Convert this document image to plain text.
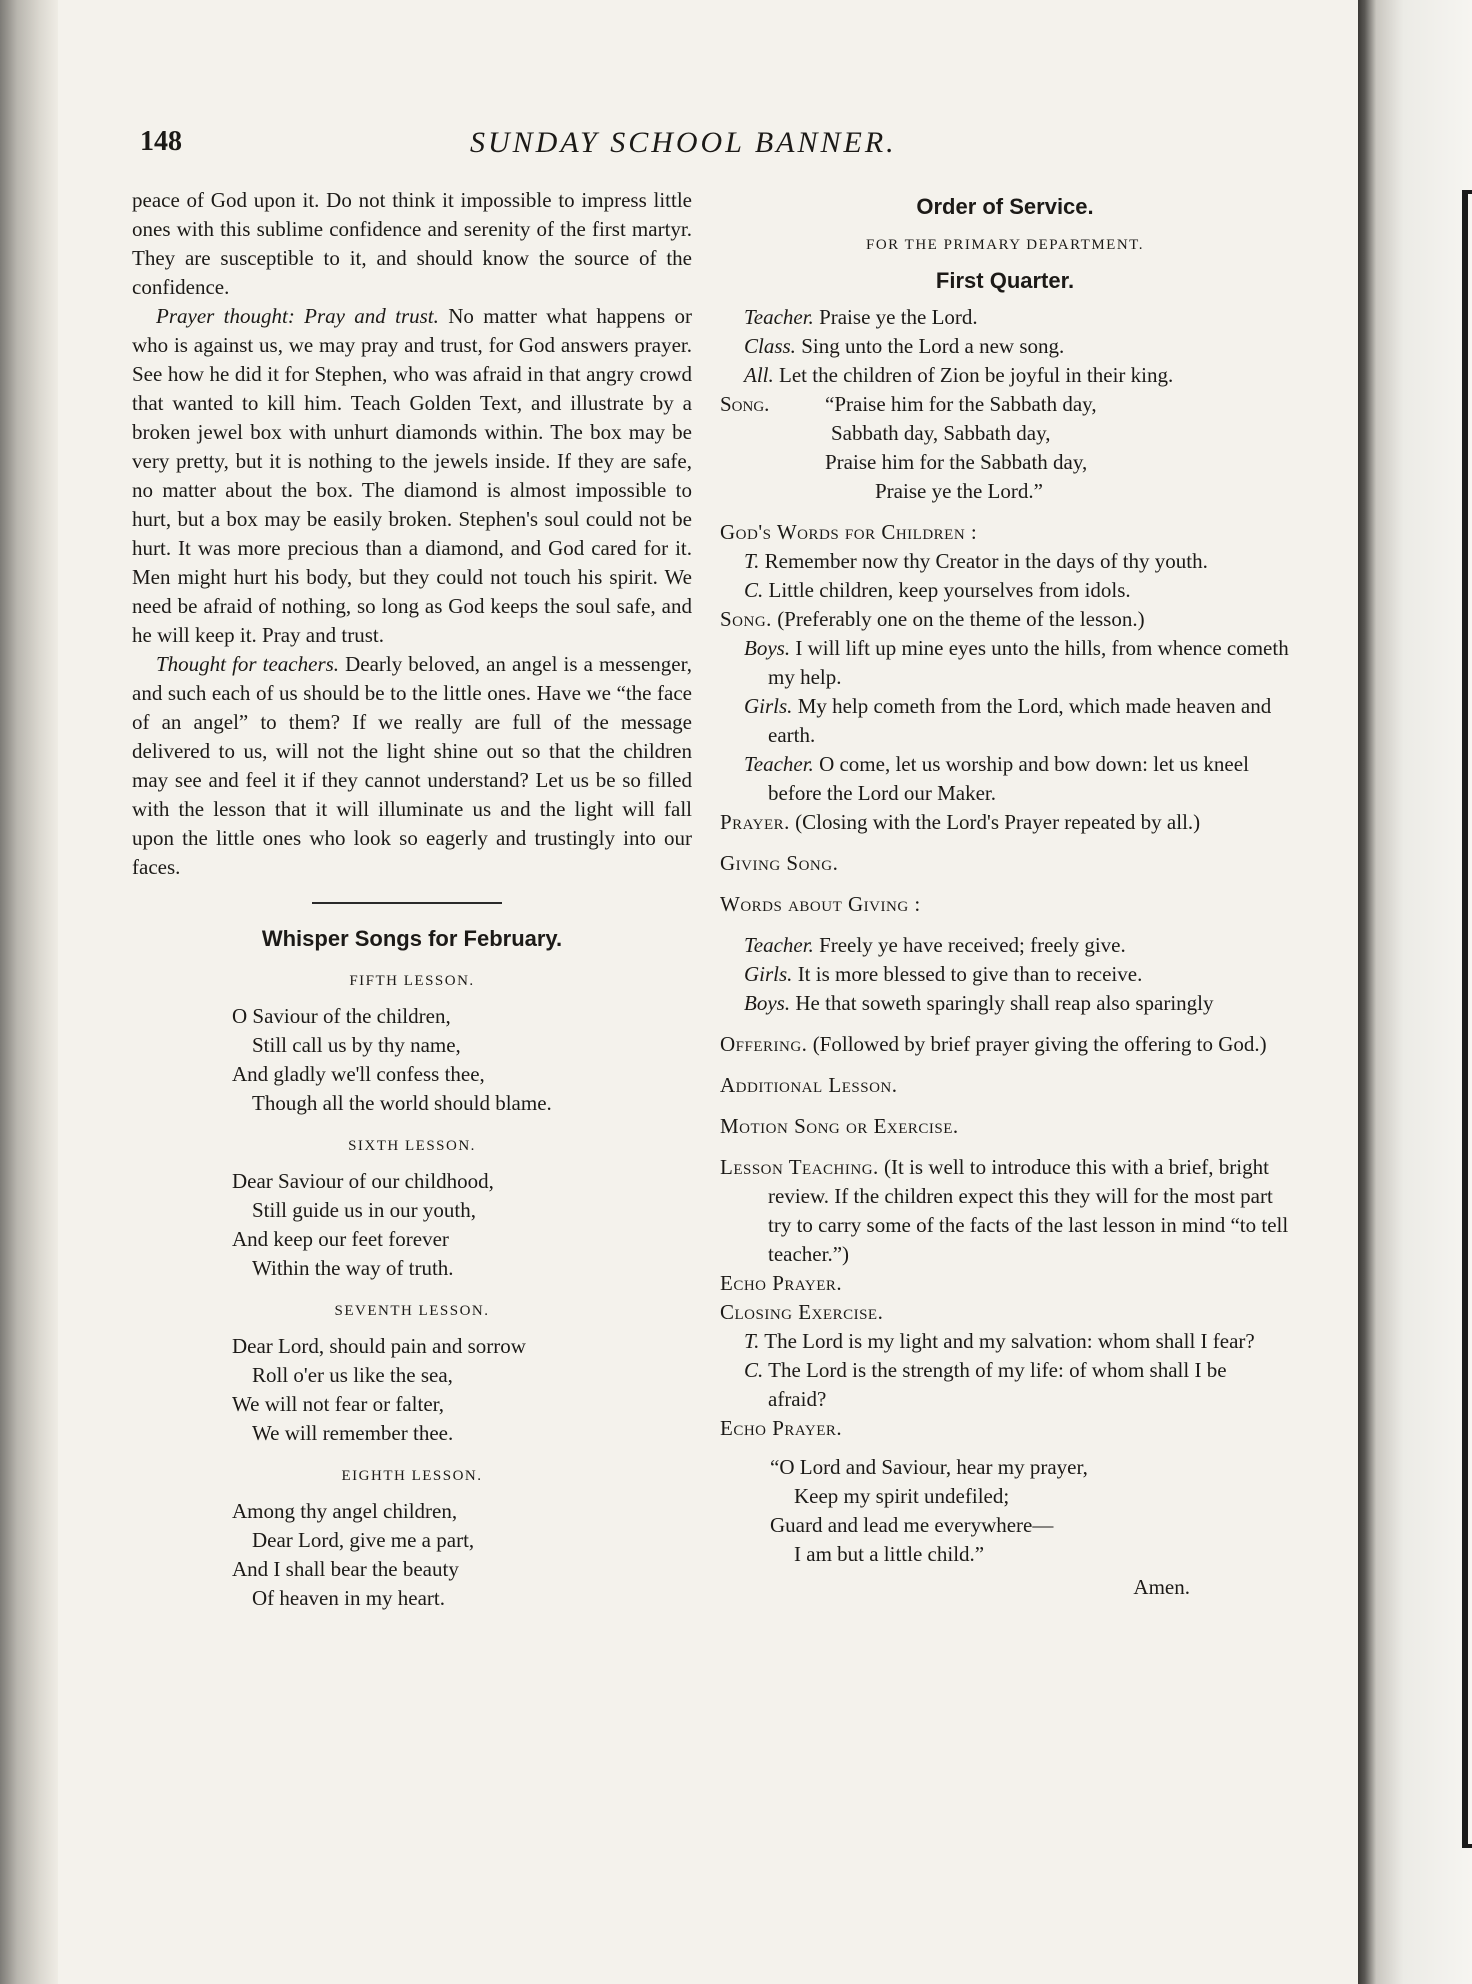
148	SUNDAY SCHOOL BANNER.

peace of God upon it. Do not think it impossible to impress little ones with this sublime confidence and serenity of the first martyr. They are susceptible to it, and should know the source of the confidence.

Prayer thought: Pray and trust. No matter what happens or who is against us, we may pray and trust, for God answers prayer. See how he did it for Stephen, who was afraid in that angry crowd that wanted to kill him. Teach Golden Text, and illustrate by a broken jewel box with unhurt diamonds within. The box may be very pretty, but it is nothing to the jewels inside. If they are safe, no matter about the box. The diamond is almost impossible to hurt, but a box may be easily broken. Stephen's soul could not be hurt. It was more precious than a diamond, and God cared for it. Men might hurt his body, but they could not touch his spirit. We need be afraid of nothing, so long as God keeps the soul safe, and he will keep it. Pray and trust.

Thought for teachers. Dearly beloved, an angel is a messenger, and such each of us should be to the little ones. Have we “the face of an angel” to them? If we really are full of the message delivered to us, will not the light shine out so that the children may see and feel it if they cannot understand? Let us be so filled with the lesson that it will illuminate us and the light will fall upon the little ones who look so eagerly and trustingly into our faces.

Whisper Songs for February.
FIFTH LESSON.
O Saviour of the children,
Still call us by thy name,
And gladly we'll confess thee,
Though all the world should blame.
SIXTH LESSON.
Dear Saviour of our childhood,
Still guide us in our youth,
And keep our feet forever
Within the way of truth.
SEVENTH LESSON.
Dear Lord, should pain and sorrow
Roll o'er us like the sea,
We will not fear or falter,
We will remember thee.
EIGHTH LESSON.
Among thy angel children,
Dear Lord, give me a part,
And I shall bear the beauty
Of heaven in my heart.
Order of Service.
FOR THE PRIMARY DEPARTMENT.
First Quarter.

Teacher. Praise ye the Lord.

Class. Sing unto the Lord a new song.

All. Let the children of Zion be joyful in their king.

Song.	“Praise him for the Sabbath day,
Sabbath day, Sabbath day,
Praise him for the Sabbath day,
Praise ye the Lord.”

God's Words for Children :

T. Remember now thy Creator in the days of thy youth.

C. Little children, keep yourselves from idols.

Song. (Preferably one on the theme of the lesson.)

Boys. I will lift up mine eyes unto the hills, from whence cometh my help.

Girls. My help cometh from the Lord, which made heaven and earth.

Teacher. O come, let us worship and bow down: let us kneel before the Lord our Maker.

Prayer. (Closing with the Lord's Prayer repeated by all.)

Giving Song.

Words about Giving :

Teacher. Freely ye have received; freely give.

Girls. It is more blessed to give than to receive.

Boys. He that soweth sparingly shall reap also sparingly

Offering. (Followed by brief prayer giving the offering to God.)

Additional Lesson.

Motion Song or Exercise.

Lesson Teaching. (It is well to introduce this with a brief, bright review. If the children expect this they will for the most part try to carry some of the facts of the last lesson in mind “to tell teacher.”)

Echo Prayer.

Closing Exercise.

T. The Lord is my light and my salvation: whom shall I fear?

C. The Lord is the strength of my life: of whom shall I be afraid?

Echo Prayer.

“O Lord and Saviour, hear my prayer,
Keep my spirit undefiled;
Guard and lead me everywhere—
I am but a little child.”
Amen.
